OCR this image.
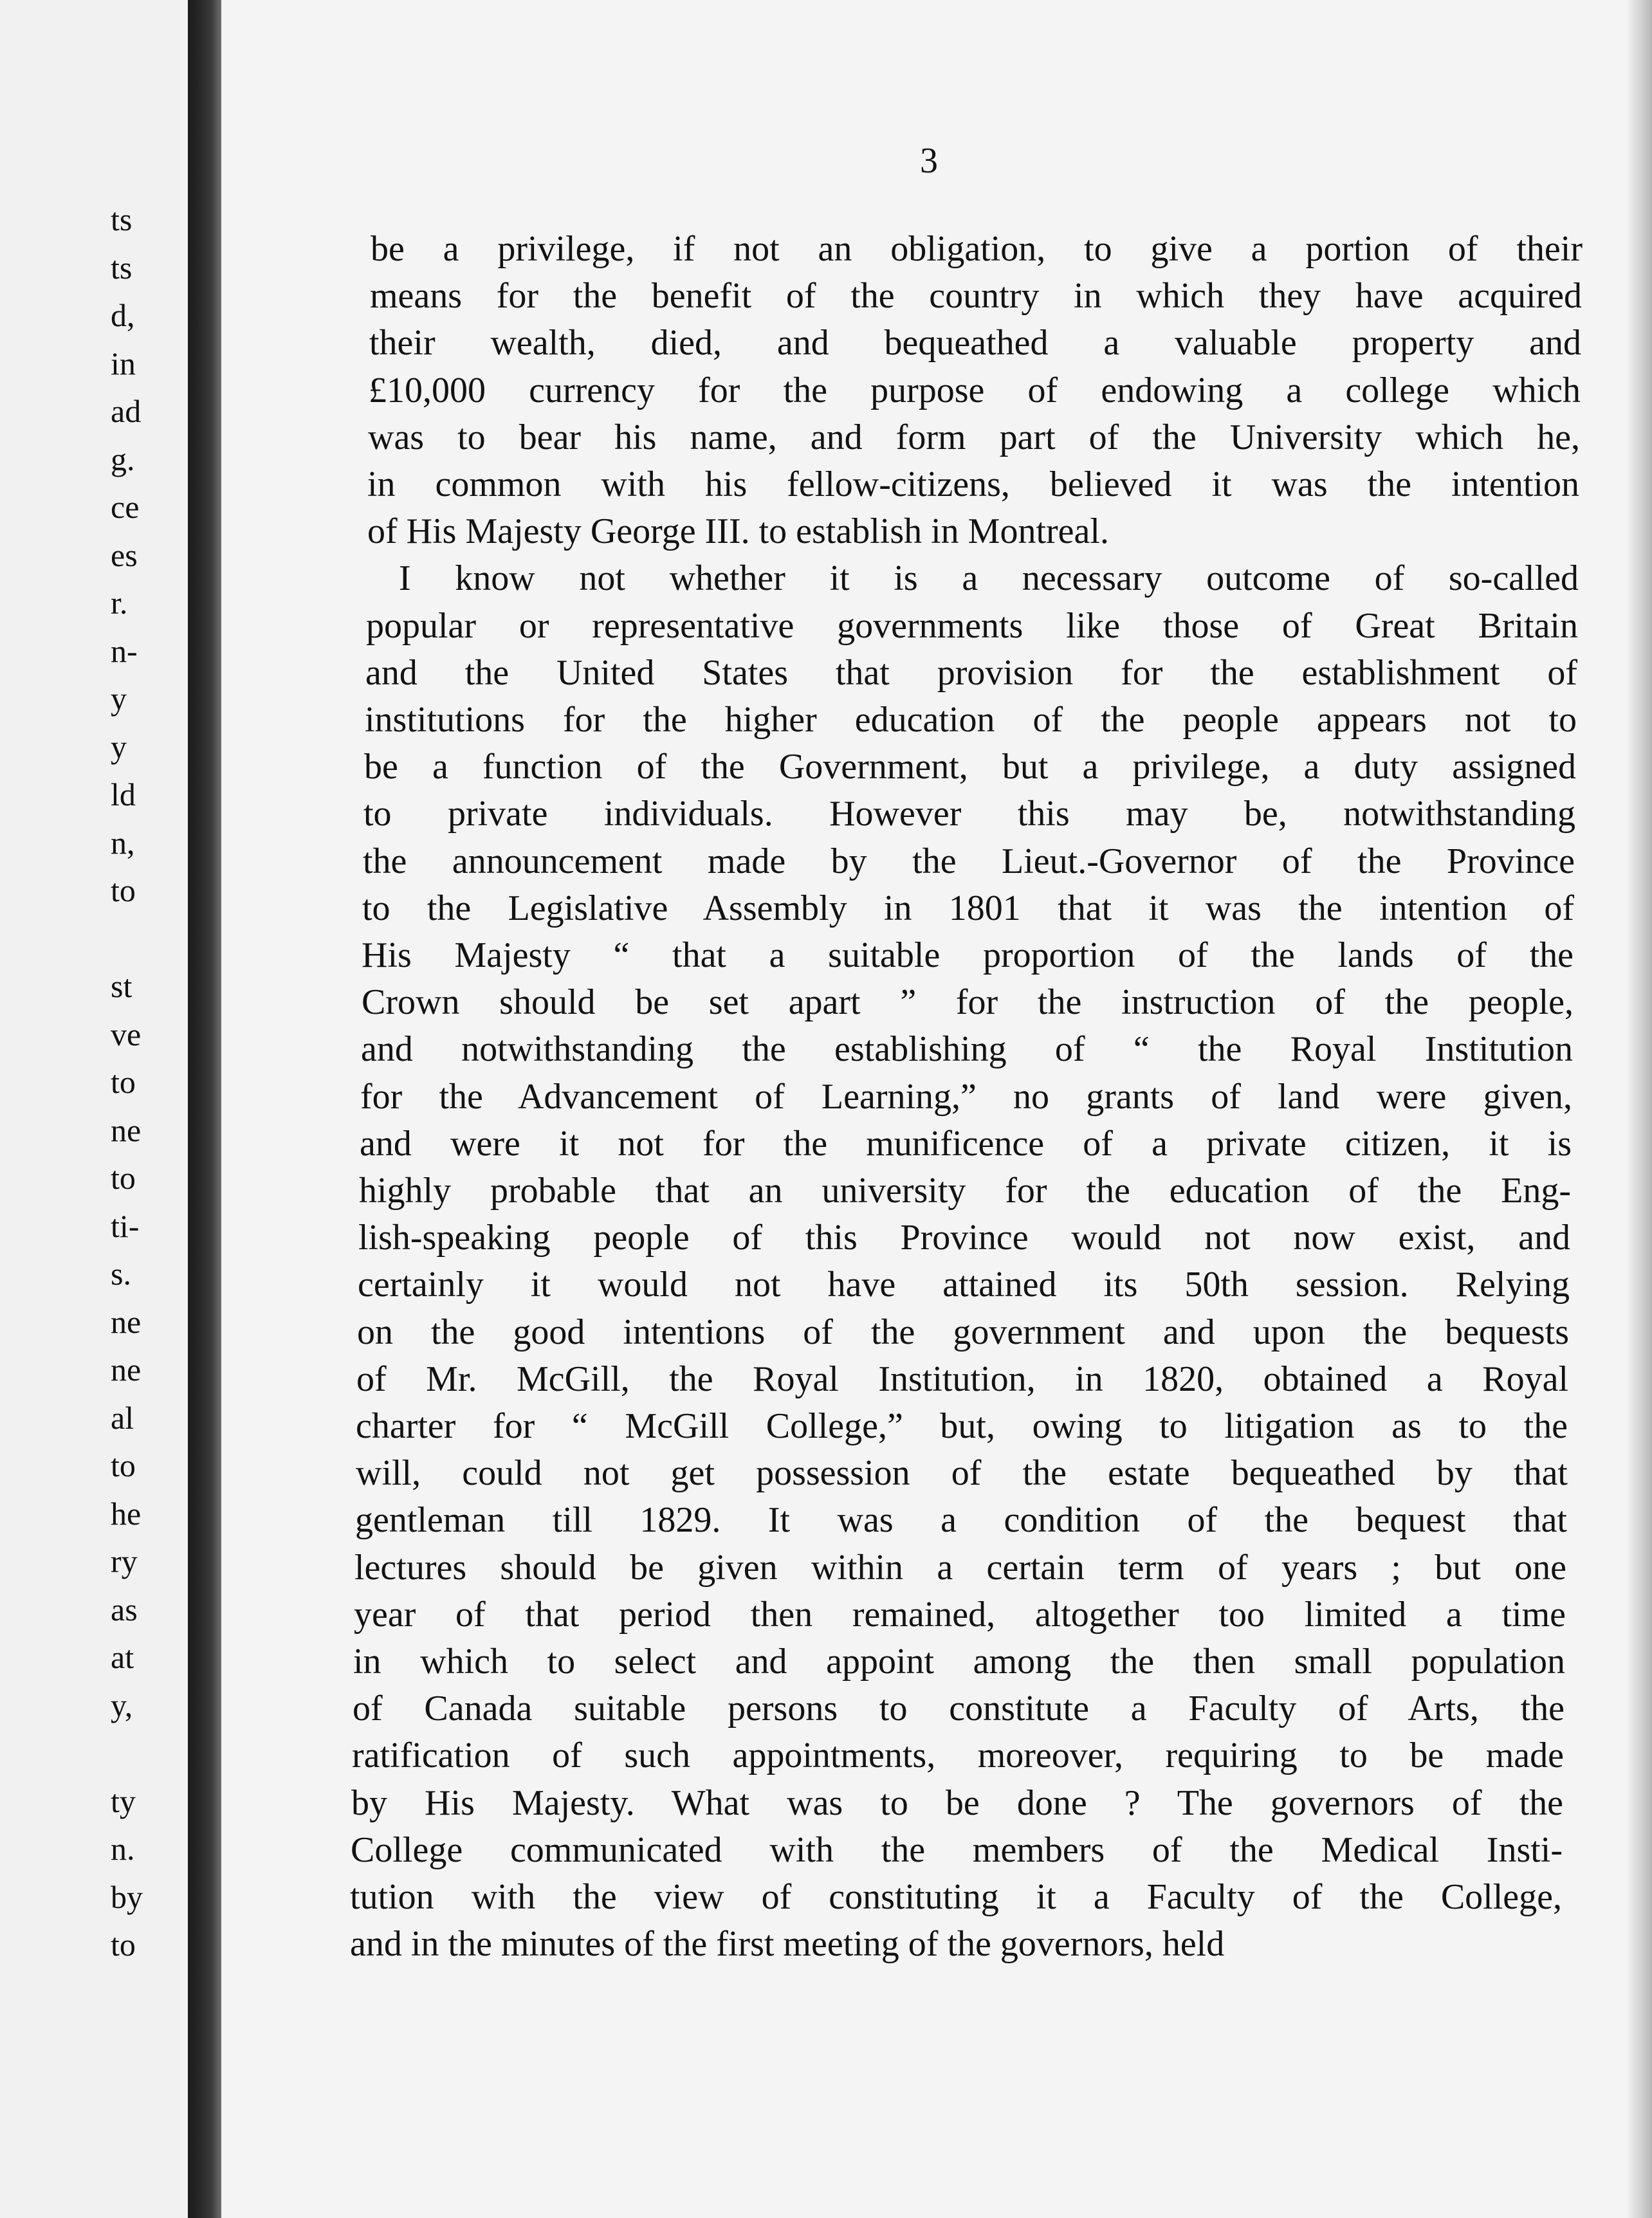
ts
ts
d,
in
ad
g.
ce
es
r.
n-
y
y
ld
n,
to
st
ve
to
ne
to
ti-
s.
ne
ne
al
to
he
ry
as
at
y,
ty
n.
by
to
3
be a privilege, if not an obligation, to give a portion of their
means for the benefit of the country in which they have acquired
their wealth, died, and bequeathed a valuable property and
£10,000 currency for the purpose of endowing a college which
was to bear his name, and form part of the University which he,
in common with his fellow-citizens, believed it was the intention
of His Majesty George III. to establish in Montreal.
I know not whether it is a necessary outcome of so-called
popular or representative governments like those of Great Britain
and the United States that provision for the establishment of
institutions for the higher education of the people appears not to
be a function of the Government, but a privilege, a duty assigned
to private individuals. However this may be, notwithstanding
the announcement made by the Lieut.-Governor of the Province
to the Legislative Assembly in 1801 that it was the intention of
His Majesty “ that a suitable proportion of the lands of the
Crown should be set apart ” for the instruction of the people,
and notwithstanding the establishing of “ the Royal Institution
for the Advancement of Learning,” no grants of land were given,
and were it not for the munificence of a private citizen, it is
highly probable that an university for the education of the Eng-
lish-speaking people of this Province would not now exist, and
certainly it would not have attained its 50th session. Relying
on the good intentions of the government and upon the bequests
of Mr. McGill, the Royal Institution, in 1820, obtained a Royal
charter for “ McGill College,” but, owing to litigation as to the
will, could not get possession of the estate bequeathed by that
gentleman till 1829. It was a condition of the bequest that
lectures should be given within a certain term of years ; but one
year of that period then remained, altogether too limited a time
in which to select and appoint among the then small population
of Canada suitable persons to constitute a Faculty of Arts, the
ratification of such appointments, moreover, requiring to be made
by His Majesty. What was to be done ? The governors of the
College communicated with the members of the Medical Insti-
tution with the view of constituting it a Faculty of the College,
and in the minutes of the first meeting of the governors, held
